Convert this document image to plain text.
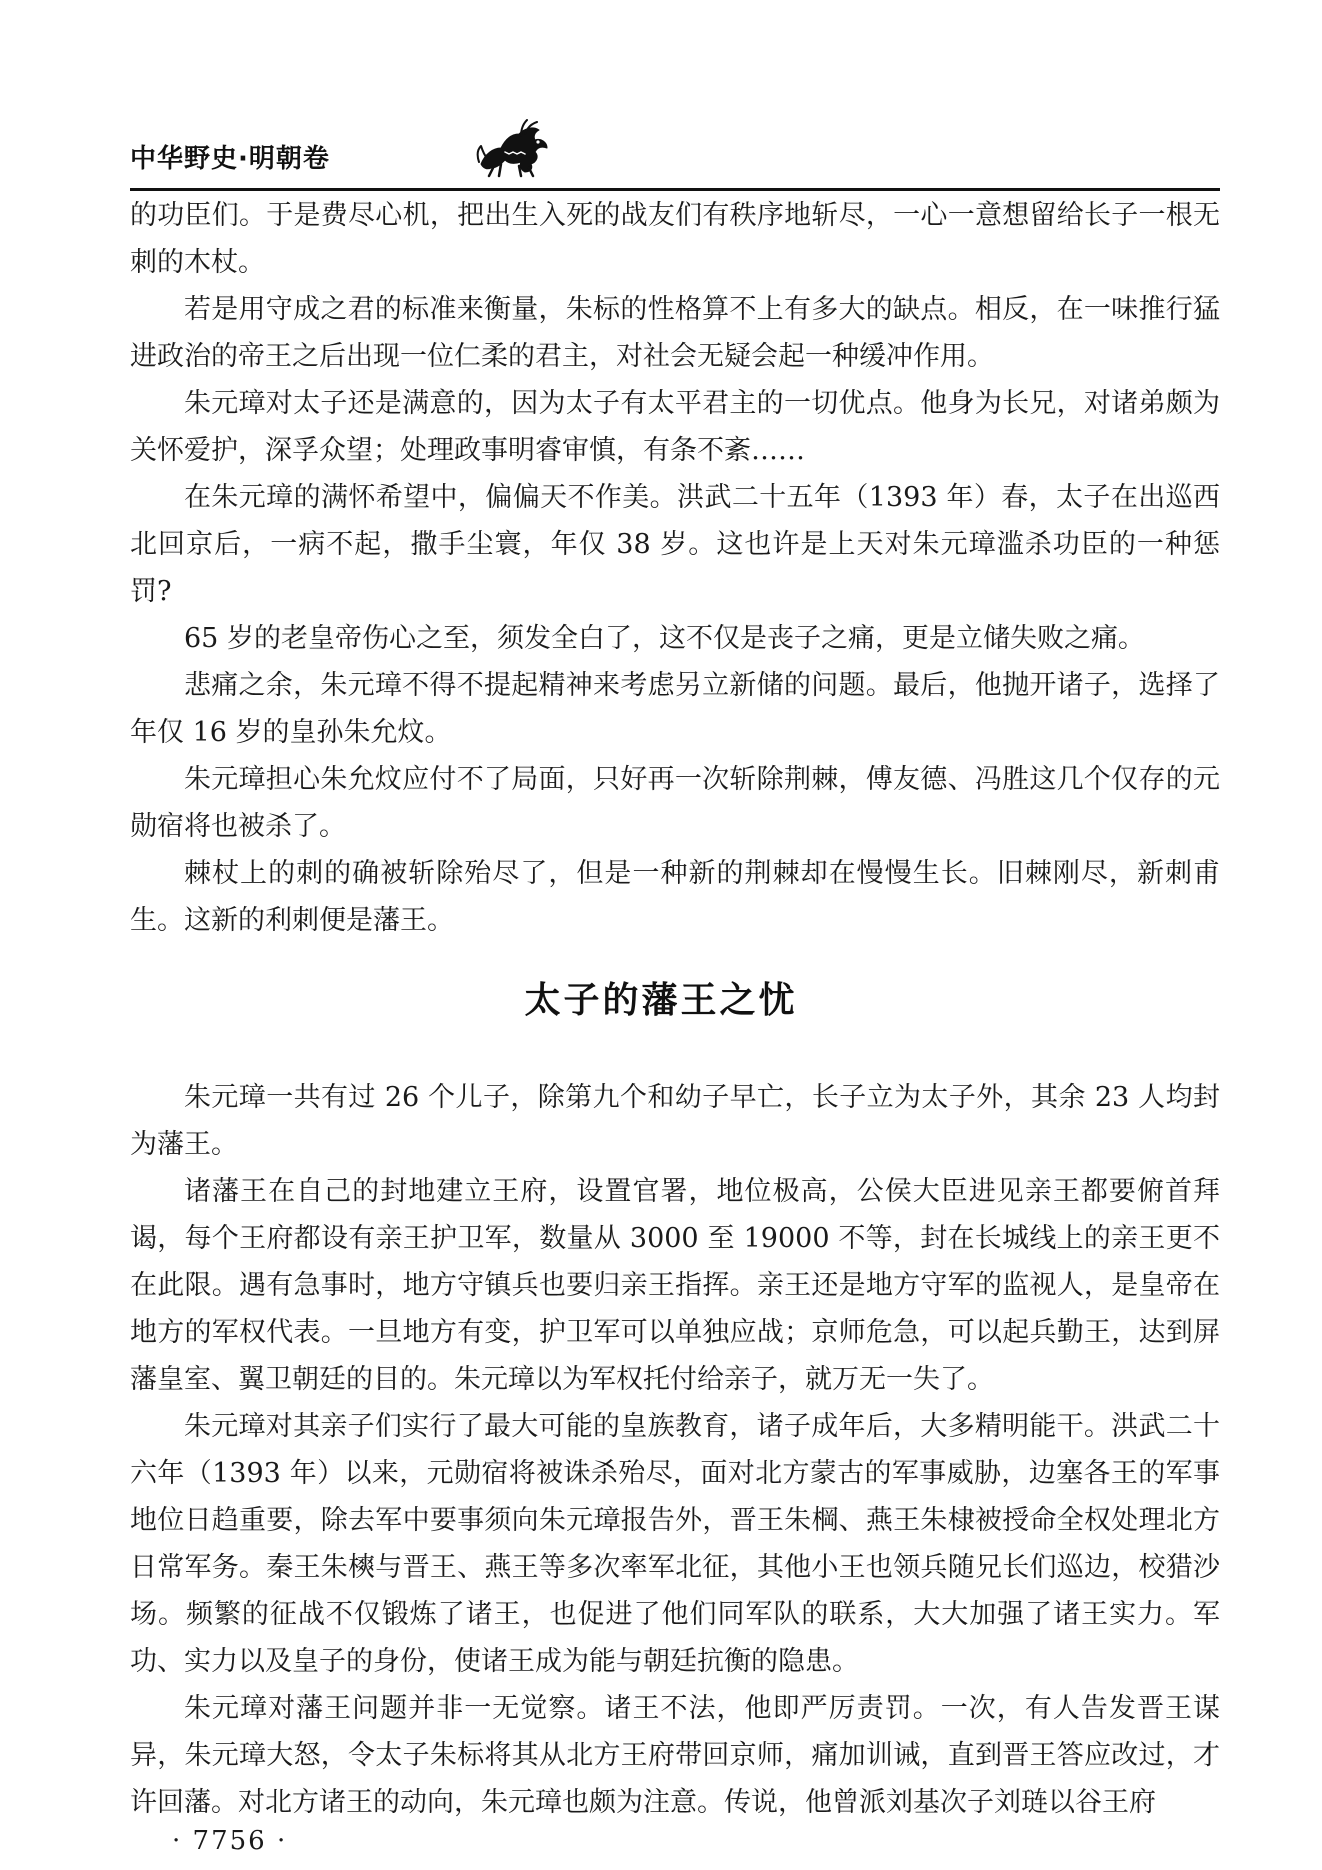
中华野史·明朝卷

的功臣们。于是费尽心机，把出生入死的战友们有秩序地斩尽，一心一意想留给长子一根无刺的木杖。

若是用守成之君的标准来衡量，朱标的性格算不上有多大的缺点。相反，在一味推行猛进政治的帝王之后出现一位仁柔的君主，对社会无疑会起一种缓冲作用。

朱元璋对太子还是满意的，因为太子有太平君主的一切优点。他身为长兄，对诸弟颇为关怀爱护，深孚众望；处理政事明睿审慎，有条不紊……

在朱元璋的满怀希望中，偏偏天不作美。洪武二十五年（1393 年）春，太子在出巡西北回京后，一病不起，撒手尘寰，年仅 38 岁。这也许是上天对朱元璋滥杀功臣的一种惩罚?

65 岁的老皇帝伤心之至，须发全白了，这不仅是丧子之痛，更是立储失败之痛。

悲痛之余，朱元璋不得不提起精神来考虑另立新储的问题。最后，他抛开诸子，选择了年仅 16 岁的皇孙朱允炆。

朱元璋担心朱允炆应付不了局面，只好再一次斩除荆棘，傅友德、冯胜这几个仅存的元勋宿将也被杀了。

棘杖上的刺的确被斩除殆尽了，但是一种新的荆棘却在慢慢生长。旧棘刚尽，新刺甫生。这新的利刺便是藩王。

太子的藩王之忧

朱元璋一共有过 26 个儿子，除第九个和幼子早亡，长子立为太子外，其余 23 人均封为藩王。

诸藩王在自己的封地建立王府，设置官署，地位极高，公侯大臣进见亲王都要俯首拜谒，每个王府都设有亲王护卫军，数量从 3000 至 19000 不等，封在长城线上的亲王更不在此限。遇有急事时，地方守镇兵也要归亲王指挥。亲王还是地方守军的监视人，是皇帝在地方的军权代表。一旦地方有变，护卫军可以单独应战；京师危急，可以起兵勤王，达到屏藩皇室、翼卫朝廷的目的。朱元璋以为军权托付给亲子，就万无一失了。

朱元璋对其亲子们实行了最大可能的皇族教育，诸子成年后，大多精明能干。洪武二十六年（1393 年）以来，元勋宿将被诛杀殆尽，面对北方蒙古的军事威胁，边塞各王的军事地位日趋重要，除去军中要事须向朱元璋报告外，晋王朱棡、燕王朱棣被授命全权处理北方日常军务。秦王朱樉与晋王、燕王等多次率军北征，其他小王也领兵随兄长们巡边，校猎沙场。频繁的征战不仅锻炼了诸王，也促进了他们同军队的联系，大大加强了诸王实力。军功、实力以及皇子的身份，使诸王成为能与朝廷抗衡的隐患。

朱元璋对藩王问题并非一无觉察。诸王不法，他即严厉责罚。一次，有人告发晋王谋异，朱元璋大怒，令太子朱标将其从北方王府带回京师，痛加训诫，直到晋王答应改过，才许回藩。对北方诸王的动向，朱元璋也颇为注意。传说，他曾派刘基次子刘琏以谷王府

· 7756 ·
